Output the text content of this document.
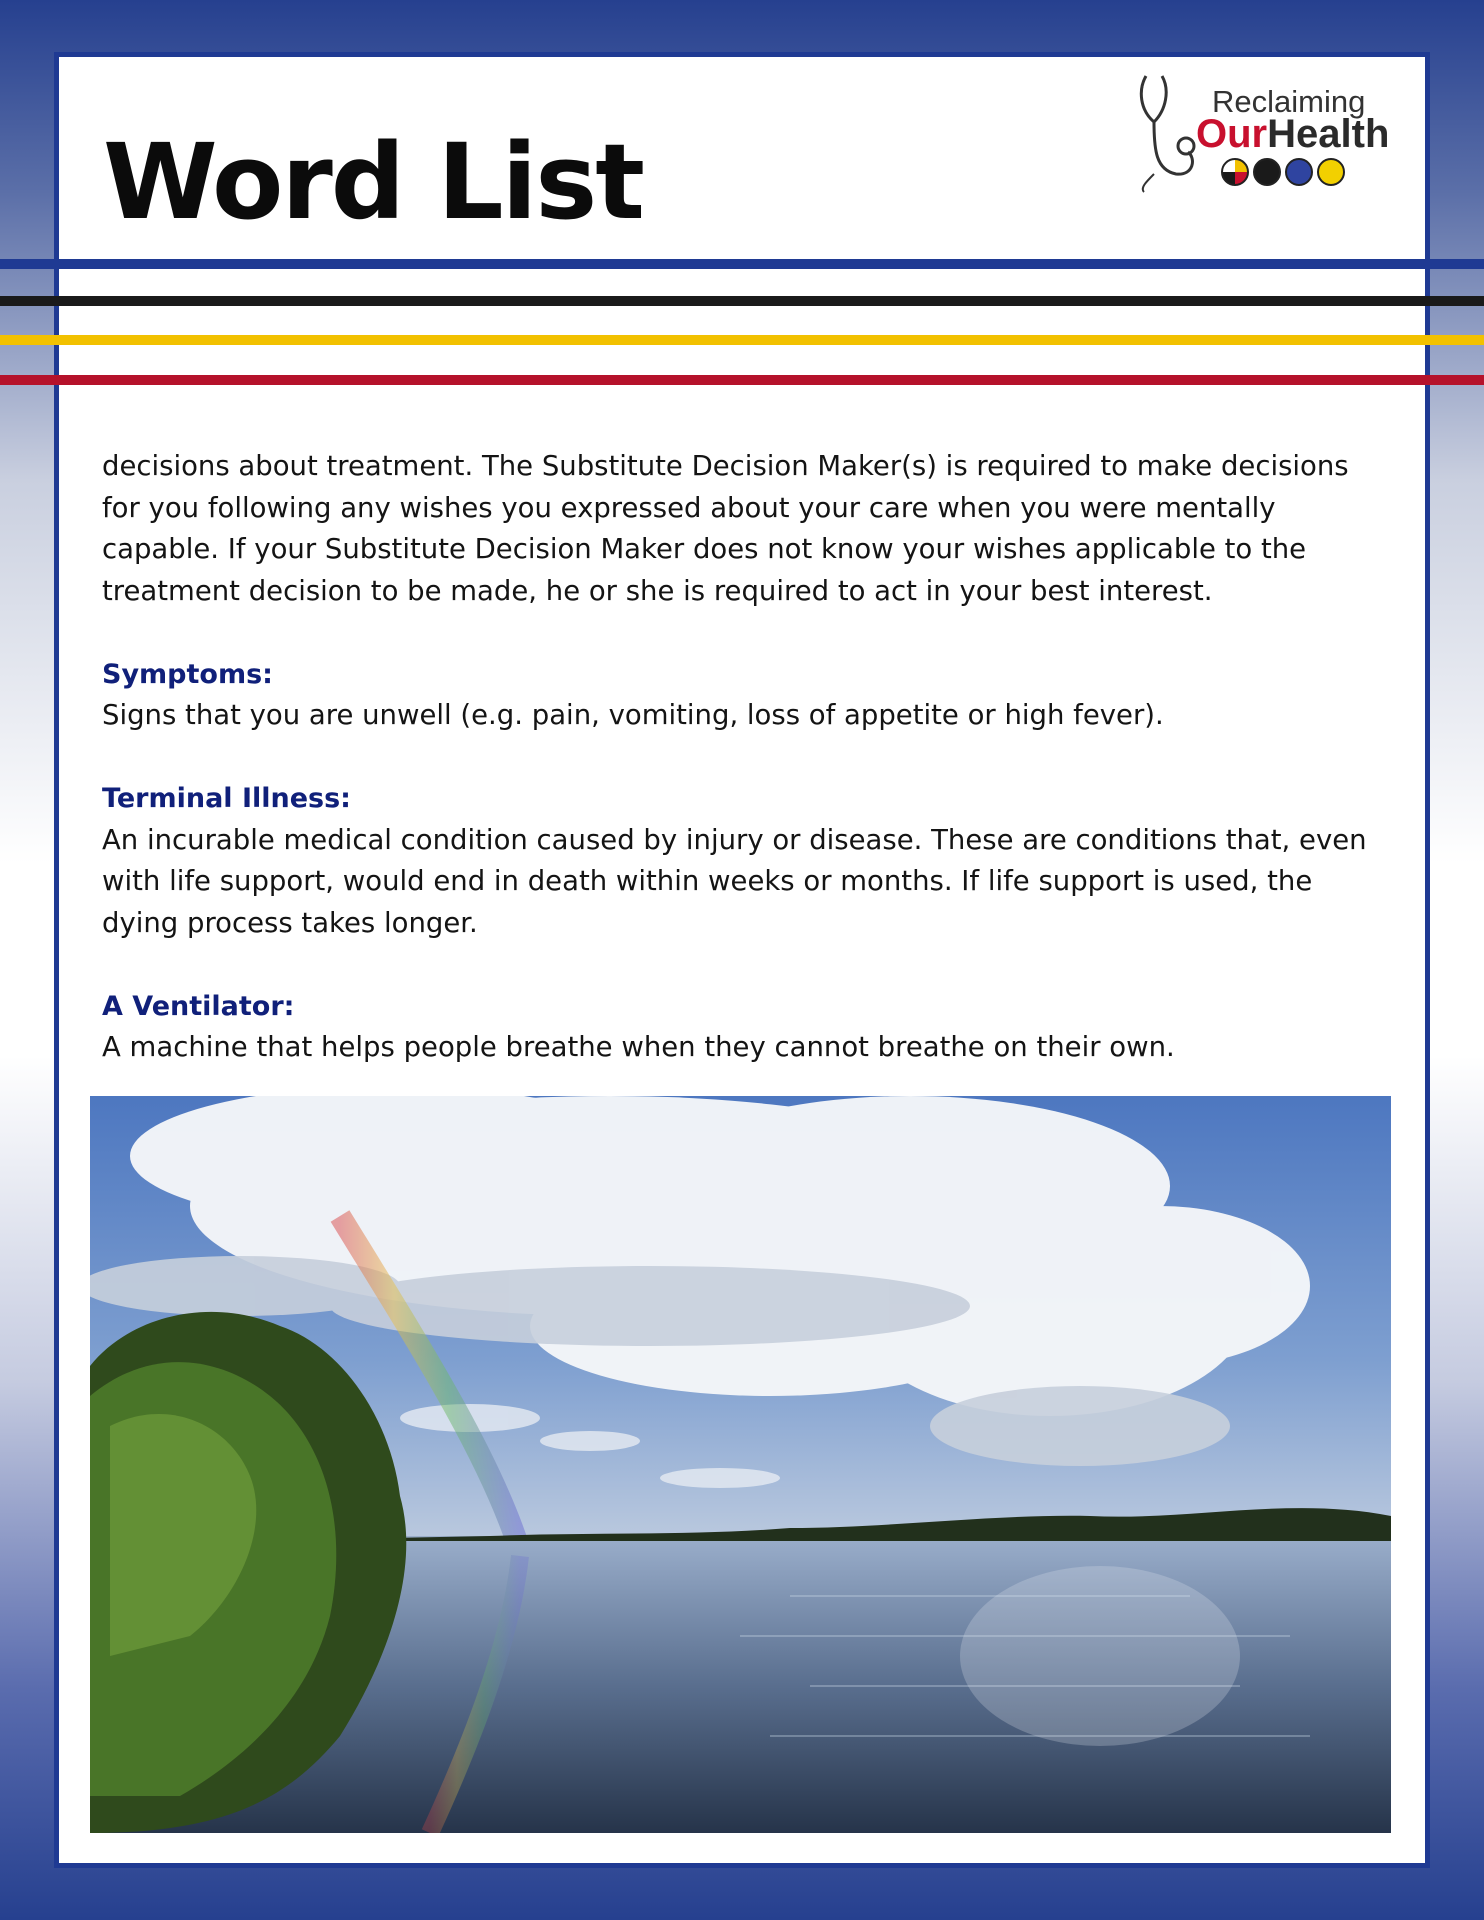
Word List
Reclaiming
OurHealth

decisions about treatment. The Substitute Decision Maker(s) is required to make decisions

for you following any wishes you expressed about your care when you were mentally

capable. If your Substitute Decision Maker does not know your wishes applicable to the

treatment decision to be made, he or she is required to act in your best interest.

Symptoms:

Signs that you are unwell (e.g. pain, vomiting, loss of appetite or high fever).

Terminal Illness:

An incurable medical condition caused by injury or disease. These are conditions that, even

with life support, would end in death within weeks or months. If life support is used, the

dying process takes longer.

A Ventilator:

A machine that helps people breathe when they cannot breathe on their own.
